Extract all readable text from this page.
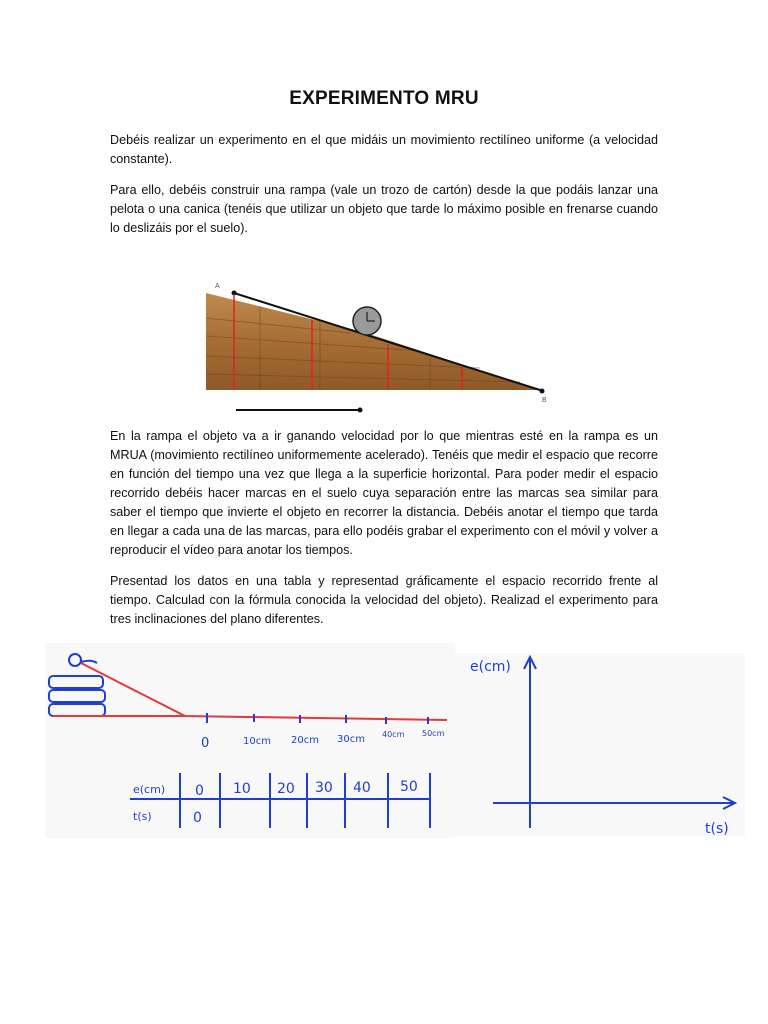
EXPERIMENTO MRU

Debéis realizar un experimento en el que midáis un movimiento rectilíneo uniforme (a velocidad constante).

Para ello, debéis construir una rampa (vale un trozo de cartón) desde la que podáis lanzar una pelota o una canica (tenéis que utilizar un objeto que tarde lo máximo posible en frenarse cuando lo deslizáis por el suelo).

A
B

En la rampa el objeto va a ir ganando velocidad por lo que mientras esté en la rampa es un MRUA (movimiento rectilíneo uniformemente acelerado). Tenéis que medir el espacio que recorre en función del tiempo una vez que llega a la superficie horizontal. Para poder medir el espacio recorrido debéis hacer marcas en el suelo cuya separación entre las marcas sea similar para saber el tiempo que invierte el objeto en recorrer la distancia. Debéis anotar el tiempo que tarda en llegar a cada una de las marcas, para ello podéis grabar el experimento con el móvil y volver a reproducir el vídeo para anotar los tiempos.

Presentad los datos en una tabla y representad gráficamente el espacio recorrido frente al tiempo. Calculad con la fórmula conocida la velocidad del objeto). Realizad el experimento para tres inclinaciones del plano diferentes.

0	10cm 20cm 30cm 40cm 50cm
e(cm) 0 10 20 30 40 50
t(s)	0
e(cm)
t(s)
